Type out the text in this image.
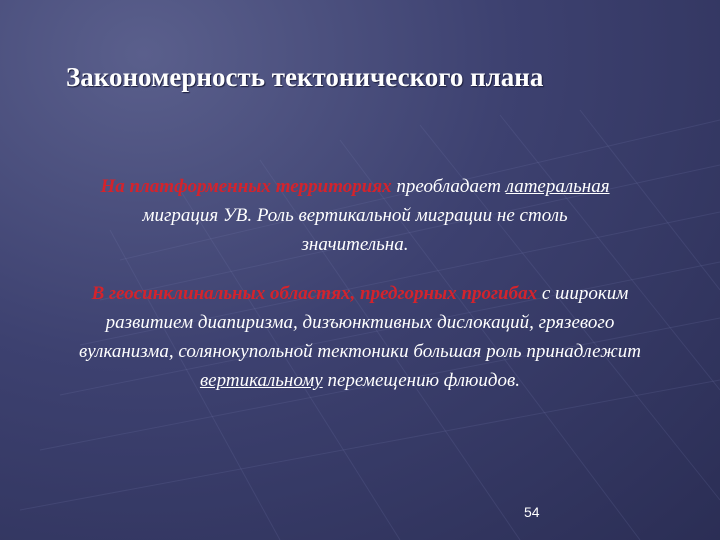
Закономерность тектонического плана

На платформенных территориях преобладает латеральная миграция УВ. Роль вертикальной миграции не столь значительна.

В геосинклинальных областях, предгорных прогибах с широким развитием диапиризма, дизъюнктивных дислокаций, грязевого вулканизма, солянокупольной тектоники большая роль принадлежит вертикальному перемещению флюидов.

54
